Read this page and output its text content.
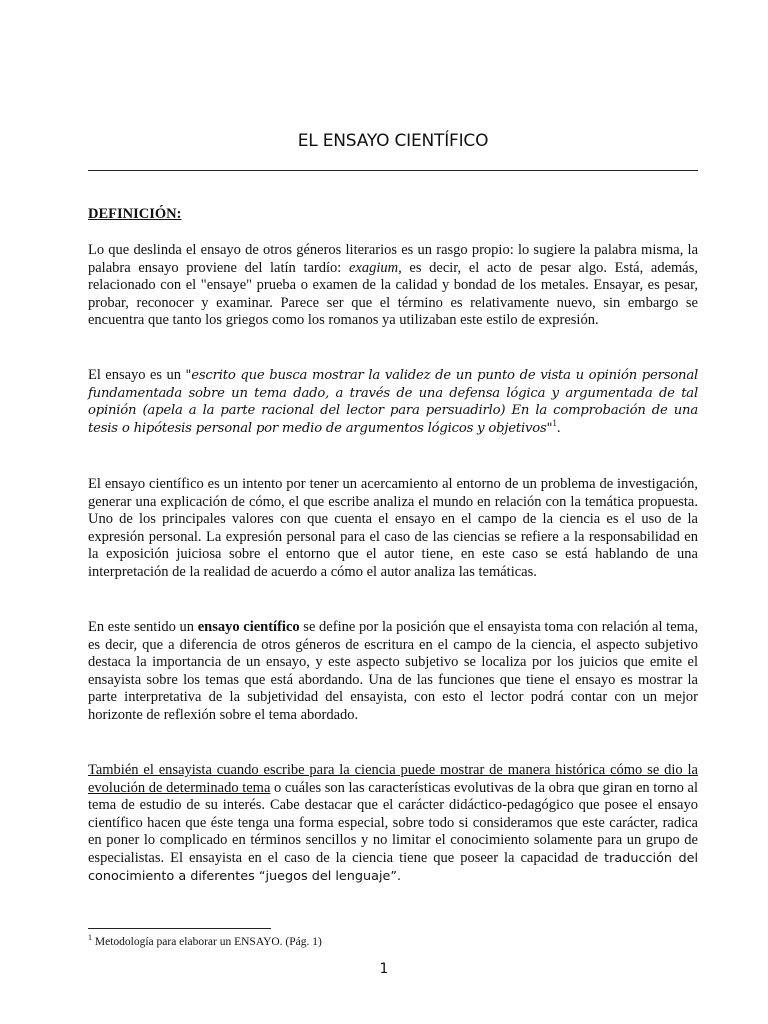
EL ENSAYO CIENTÍFICO
DEFINICIÓN:

Lo que deslinda el ensayo de otros géneros literarios es un rasgo propio: lo sugiere la palabra misma, la palabra ensayo proviene del latín tardío: exagium, es decir, el acto de pesar algo. Está, además, relacionado con el "ensaye" prueba o examen de la calidad y bondad de los metales. Ensayar, es pesar, probar, reconocer y examinar. Parece ser que el término es relativamente nuevo, sin embargo se encuentra que tanto los griegos como los romanos ya utilizaban este estilo de expresión.

El ensayo es un "escrito que busca mostrar la validez de un punto de vista u opinión personal fundamentada sobre un tema dado, a través de una defensa lógica y argumentada de tal opinión (apela a la parte racional del lector para persuadirlo) En la comprobación de una tesis o hipótesis personal por medio de argumentos lógicos y objetivos"$^1$.

El ensayo científico es un intento por tener un acercamiento al entorno de un problema de investigación, generar una explicación de cómo, el que escribe analiza el mundo en relación con la temática propuesta. Uno de los principales valores con que cuenta el ensayo en el campo de la ciencia es el uso de la expresión personal. La expresión personal para el caso de las ciencias se refiere a la responsabilidad en la exposición juiciosa sobre el entorno que el autor tiene, en este caso se está hablando de una interpretación de la realidad de acuerdo a cómo el autor analiza las temáticas.

En este sentido un ensayo científico se define por la posición que el ensayista toma con relación al tema, es decir, que a diferencia de otros géneros de escritura en el campo de la ciencia, el aspecto subjetivo destaca la importancia de un ensayo, y este aspecto subjetivo se localiza por los juicios que emite el ensayista sobre los temas que está abordando. Una de las funciones que tiene el ensayo es mostrar la parte interpretativa de la subjetividad del ensayista, con esto el lector podrá contar con un mejor horizonte de reflexión sobre el tema abordado.

También el ensayista cuando escribe para la ciencia puede mostrar de manera histórica cómo se dio la evolución de determinado tema o cuáles son las características evolutivas de la obra que giran en torno al tema de estudio de su interés. Cabe destacar que el carácter didáctico-pedagógico que posee el ensayo científico hacen que éste tenga una forma especial, sobre todo si consideramos que este carácter, radica en poner lo complicado en términos sencillos y no limitar el conocimiento solamente para un grupo de especialistas. El ensayista en el caso de la ciencia tiene que poseer la capacidad de traducción del conocimiento a diferentes “juegos del lenguaje”.

$^1$ Metodología para elaborar un ENSAYO. (Pág. 1)
1
